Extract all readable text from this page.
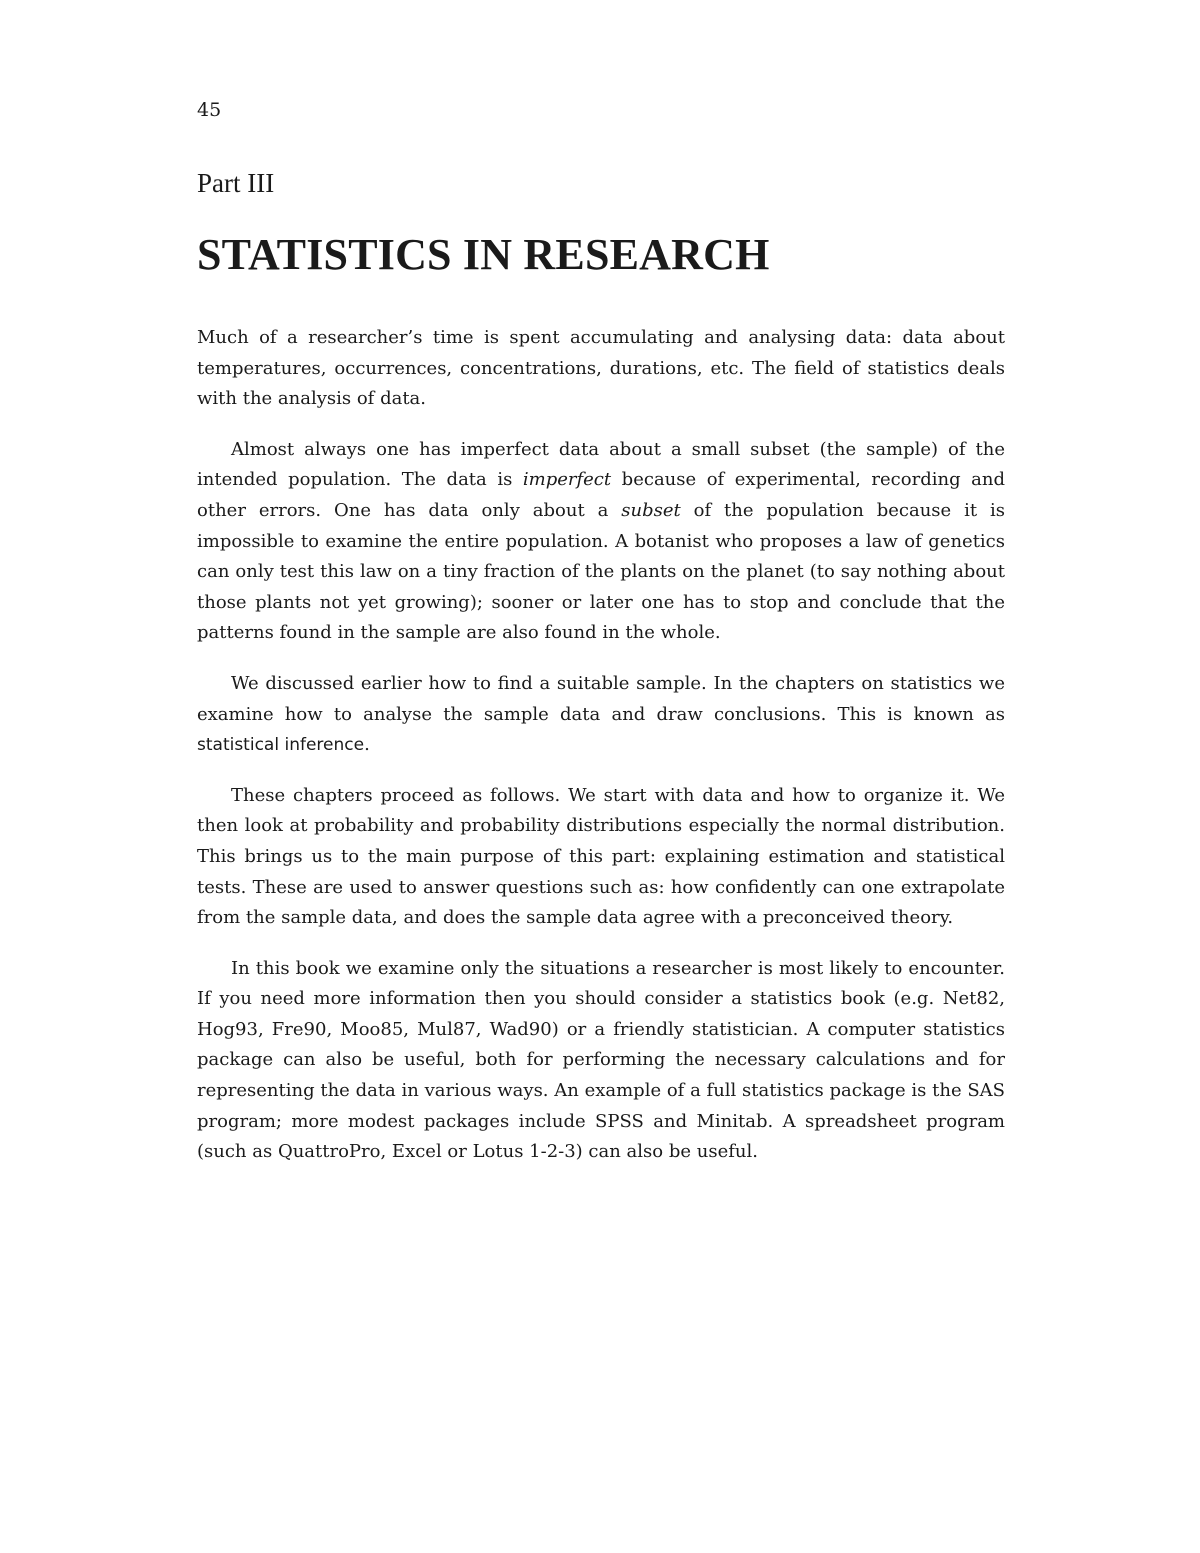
45
Part III
STATISTICS IN RESEARCH

Much of a researcher’s time is spent accumulating and analysing data: data about temperatures, occurrences, concentrations, durations, etc. The field of statistics deals with the analysis of data.

Almost always one has imperfect data about a small subset (the sample) of the intended population. The data is imperfect because of experimental, recording and other errors. One has data only about a subset of the population because it is impossible to examine the entire population. A botanist who proposes a law of genetics can only test this law on a tiny fraction of the plants on the planet (to say nothing about those plants not yet growing); sooner or later one has to stop and conclude that the patterns found in the sample are also found in the whole.

We discussed earlier how to find a suitable sample. In the chapters on statistics we examine how to analyse the sample data and draw conclusions. This is known as statistical inference.

These chapters proceed as follows. We start with data and how to organize it. We then look at probability and probability distributions especially the normal distribution. This brings us to the main purpose of this part: explaining estimation and statistical tests. These are used to answer questions such as: how confidently can one extrapolate from the sample data, and does the sample data agree with a preconceived theory.

In this book we examine only the situations a researcher is most likely to encounter. If you need more information then you should consider a statistics book (e.g. Net82, Hog93, Fre90, Moo85, Mul87, Wad90) or a friendly statistician. A computer statistics package can also be useful, both for performing the necessary calculations and for representing the data in various ways. An example of a full statistics package is the SAS program; more modest packages include SPSS and Minitab. A spreadsheet program (such as QuattroPro, Excel or Lotus 1-2-3) can also be useful.
